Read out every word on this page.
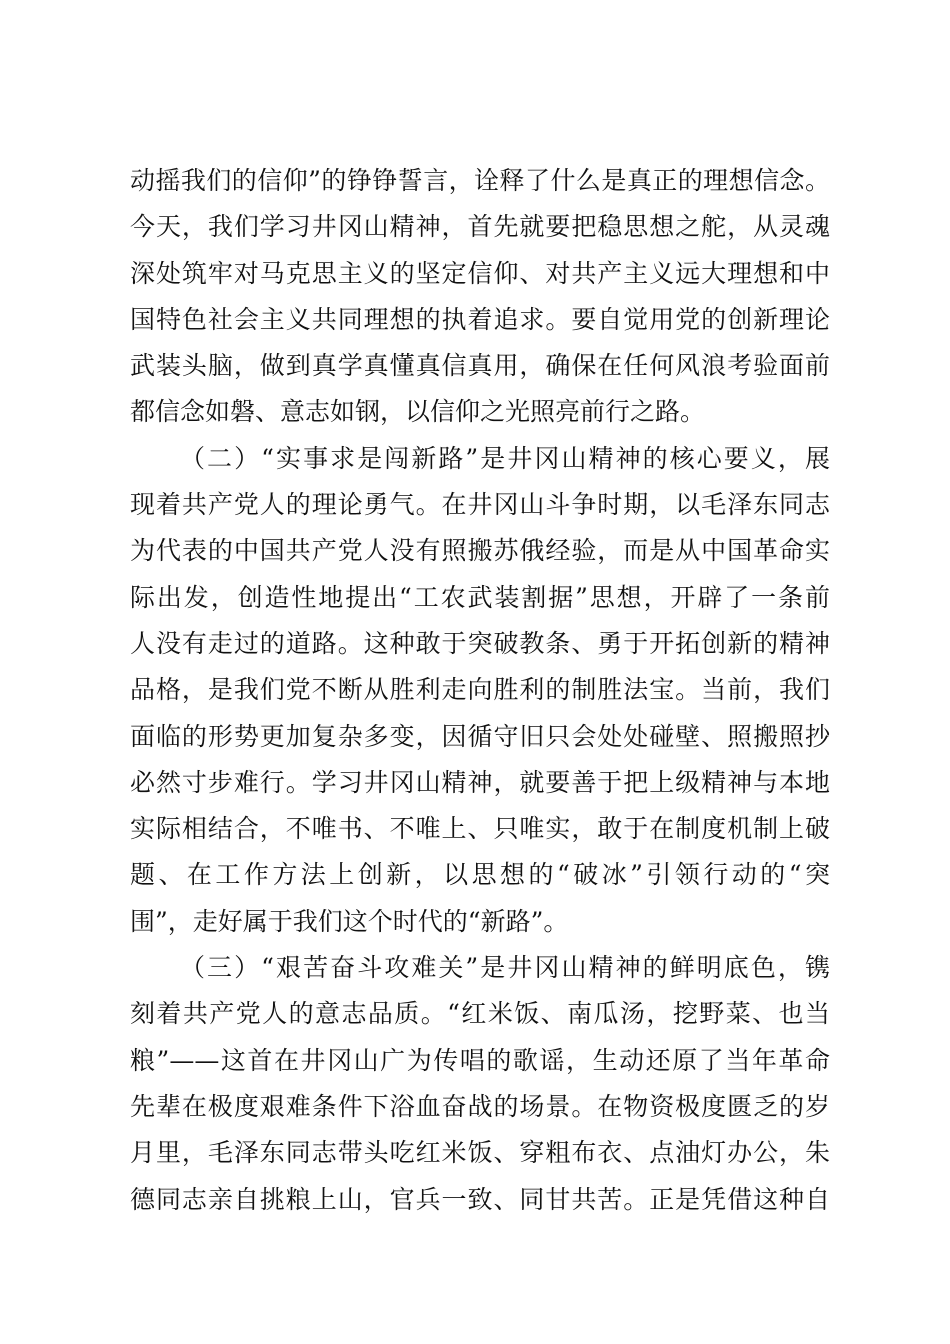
动摇我们的信仰”的铮铮誓言，诠释了什么是真正的理想信念。
今天，我们学习井冈山精神，首先就要把稳思想之舵，从灵魂
深处筑牢对马克思主义的坚定信仰、对共产主义远大理想和中
国特色社会主义共同理想的执着追求。要自觉用党的创新理论
武装头脑，做到真学真懂真信真用，确保在任何风浪考验面前
都信念如磐、意志如钢，以信仰之光照亮前行之路。
（二）“实事求是闯新路”是井冈山精神的核心要义，展
现着共产党人的理论勇气。在井冈山斗争时期，以毛泽东同志
为代表的中国共产党人没有照搬苏俄经验，而是从中国革命实
际出发，创造性地提出“工农武装割据”思想，开辟了一条前
人没有走过的道路。这种敢于突破教条、勇于开拓创新的精神
品格，是我们党不断从胜利走向胜利的制胜法宝。当前，我们
面临的形势更加复杂多变，因循守旧只会处处碰壁、照搬照抄
必然寸步难行。学习井冈山精神，就要善于把上级精神与本地
实际相结合，不唯书、不唯上、只唯实，敢于在制度机制上破
题、在工作方法上创新，以思想的“破冰”引领行动的“突
围”，走好属于我们这个时代的“新路”。
（三）“艰苦奋斗攻难关”是井冈山精神的鲜明底色，镌
刻着共产党人的意志品质。“红米饭、南瓜汤，挖野菜、也当
粮”——这首在井冈山广为传唱的歌谣，生动还原了当年革命
先辈在极度艰难条件下浴血奋战的场景。在物资极度匮乏的岁
月里，毛泽东同志带头吃红米饭、穿粗布衣、点油灯办公，朱
德同志亲自挑粮上山，官兵一致、同甘共苦。正是凭借这种自
